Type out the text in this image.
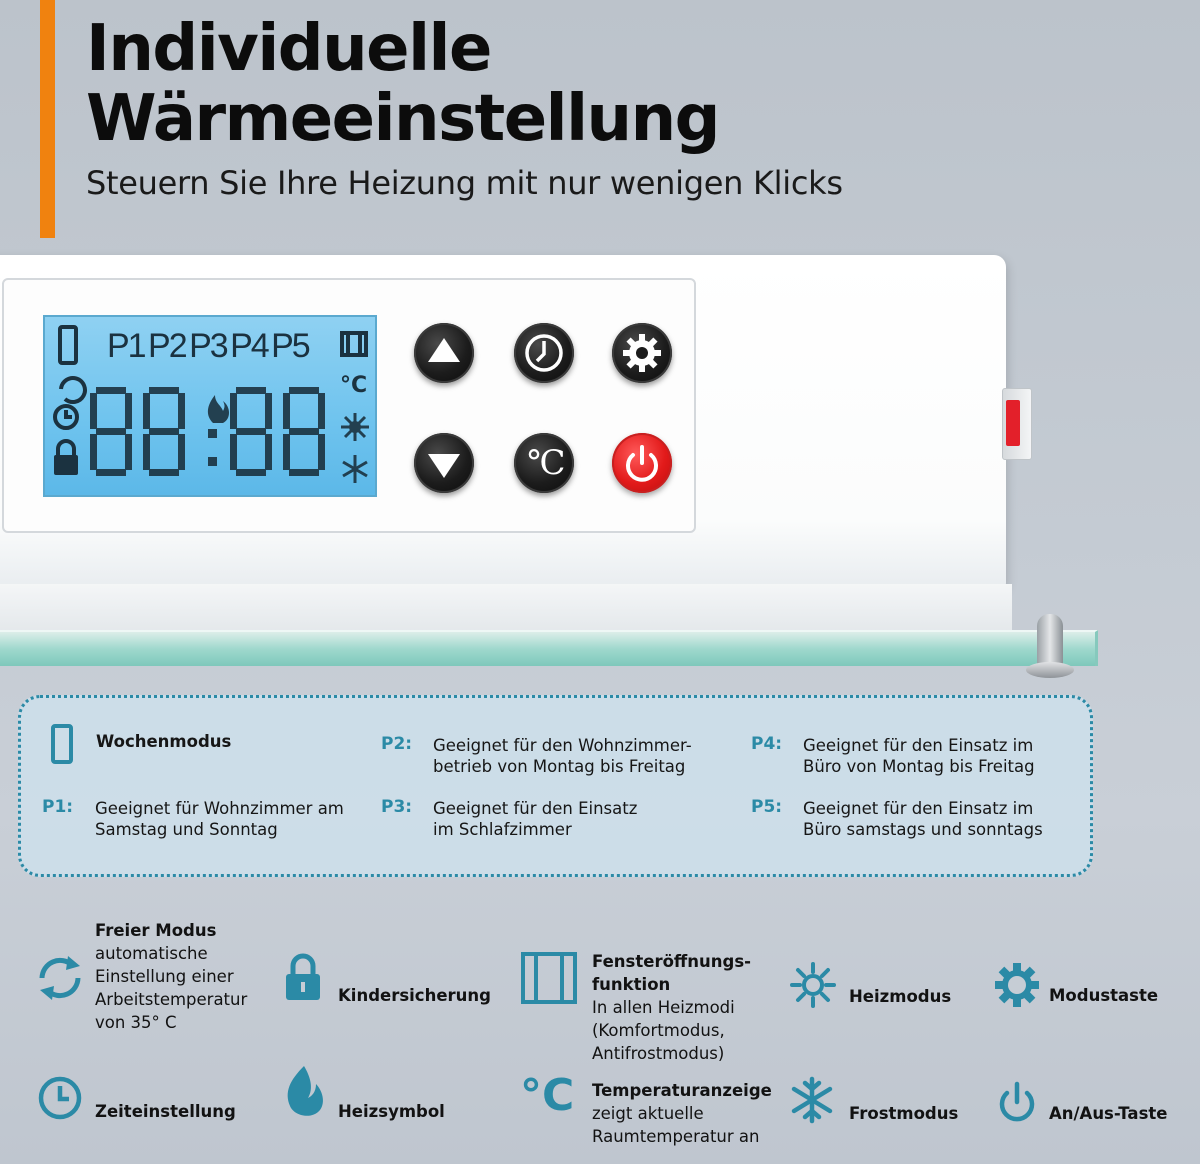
Individuelle
Wärmeeinstellung
Steuern Sie Ihre Heizung mit nur wenigen Klicks
P1 P2 P3 P4 P5
°C
°C
Wochenmodus
P1: Geeignet für Wohnzimmer am
Samstag und Sonntag
P2: Geeignet für den Wohnzimmer-
betrieb von Montag bis Freitag
P3: Geeignet für den Einsatz
im Schlafzimmer
P4: Geeignet für den Einsatz im
Büro von Montag bis Freitag
P5: Geeignet für den Einsatz im
Büro samstags und sonntags
Freier Modus
automatische
Einstellung einer
Arbeitstemperatur
von 35° C
Kindersicherung
Fensteröffnungs-
funktion
In allen Heizmodi
(Komfortmodus,
Antifrostmodus)
Heizmodus	Modustaste
Zeiteinstellung	Heizsymbol °C Temperaturanzeige
zeigt aktuelle
Raumtemperatur an
Frostmodus	An/Aus-Taste
